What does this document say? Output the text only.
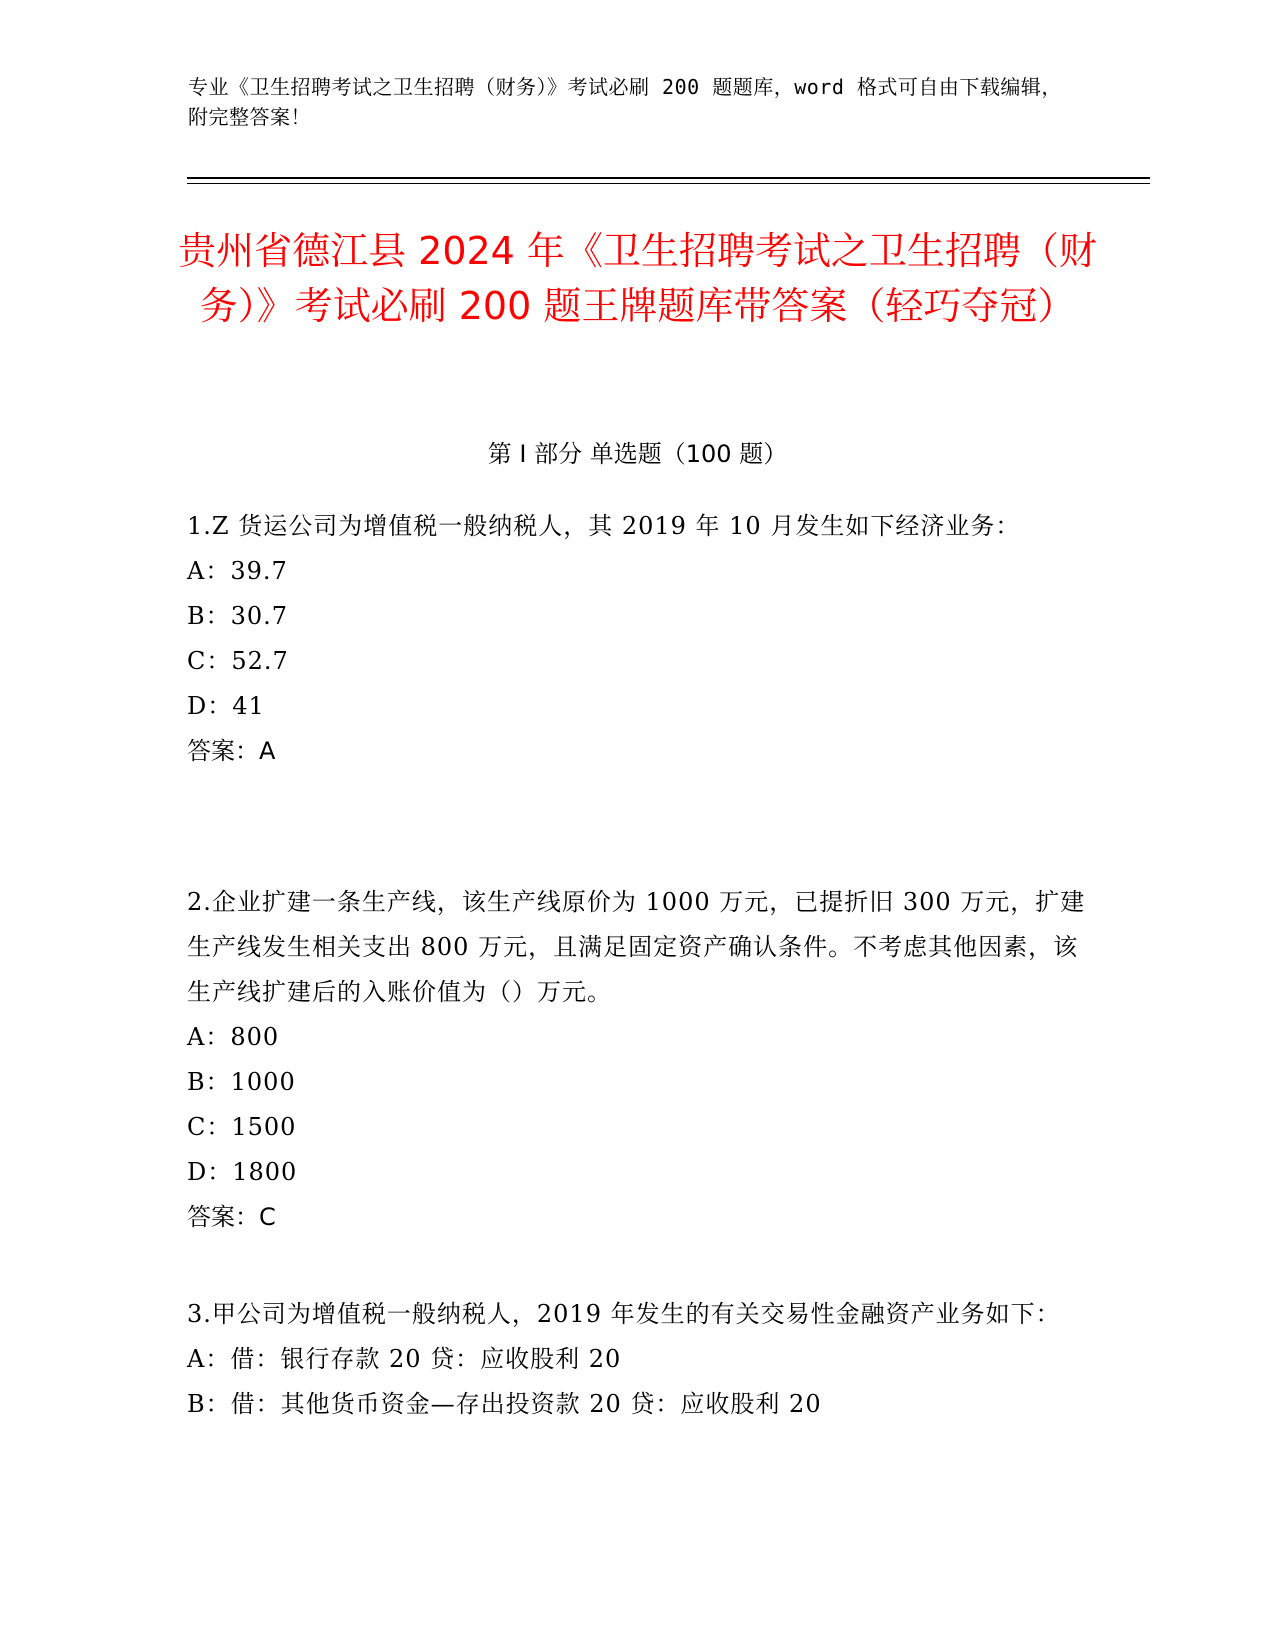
专业《卫生招聘考试之卫生招聘（财务）》考试必刷 200 题题库，word 格式可自由下载编辑，附完整答案！
贵州省德江县 2024 年《卫生招聘考试之卫生招聘（财务）》考试必刷 200 题王牌题库带答案（轻巧夺冠）
第 I 部分 单选题（100 题）
1.Z 货运公司为增值税一般纳税人，其 2019 年 10 月发生如下经济业务：
A：39.7
B：30.7
C：52.7
D：41
答案：A
2.企业扩建一条生产线，该生产线原价为 1000 万元，已提折旧 300 万元，扩建生产线发生相关支出 800 万元，且满足固定资产确认条件。不考虑其他因素，该生产线扩建后的入账价值为（）万元。
A：800
B：1000
C：1500
D：1800
答案：C
3.甲公司为增值税一般纳税人，2019 年发生的有关交易性金融资产业务如下：
A：借：银行存款 20 贷：应收股利 20
B：借：其他货币资金—存出投资款 20 贷：应收股利 20
